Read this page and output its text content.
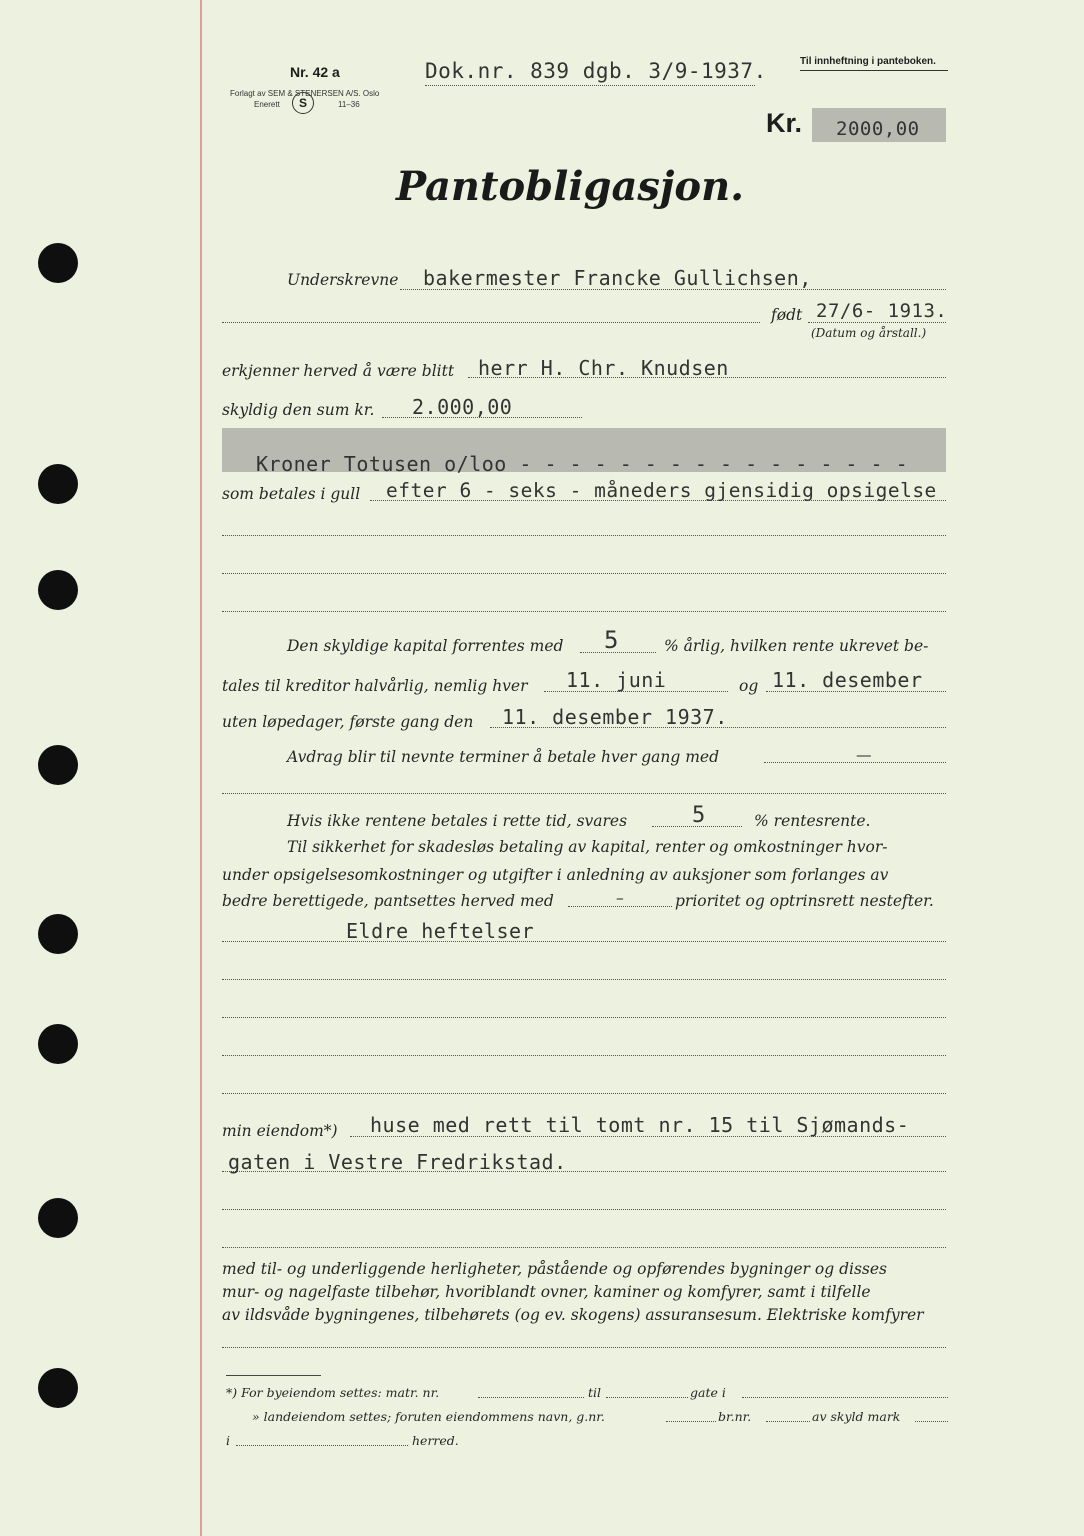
Nr. 42 a
Forlagt av SEM & STENERSEN A/S. Oslo
Enerett	S	11–36
Dok.nr. 839 dgb. 3/9-1937.	Til innheftning i panteboken.
Kr. 2000,00
Pantobligasjon.
Underskrevne bakermester Francke Gullichsen,
født 27/6- 1913.
(Datum og årstall.)
erkjenner herved å være blitt herr H. Chr. Knudsen
skyldig den sum kr. 2.000,00
Kroner Totusen o/loo - - - - - - - - - - - - - - - -
som betales i gull efter 6 - seks - måneders gjensidig opsigelse
Den skyldige kapital forrentes med 5	% årlig, hvilken rente ukrevet be-
tales til kreditor halvårlig, nemlig hver 11. juni	og 11. desember
uten løpedager, første gang den 11. desember 1937.
Avdrag blir til nevnte terminer å betale hver gang med	—
Hvis ikke rentene betales i rette tid, svares	5	% rentesrente.
Til sikkerhet for skadesløs betaling av kapital, renter og omkostninger hvor-
under opsigelsesomkostninger og utgifter i anledning av auksjoner som forlanges av
bedre berettigede, pantsettes herved med	–	prioritet og optrinsrett nestefter.
Eldre heftelser
min eiendom*) huse med rett til tomt nr. 15 til Sjømands-
gaten i Vestre Fredrikstad.
med til- og underliggende herligheter, påstående og opførendes bygninger og disses
mur- og nagelfaste tilbehør, hvoriblandt ovner, kaminer og komfyrer, samt i tilfelle
av ildsvåde bygningenes, tilbehørets (og ev. skogens) assuransesum. Elektriske komfyrer
*) For byeiendom settes: matr. nr.	til	gate i
» landeiendom settes; foruten eiendommens navn, g.nr.	br.nr.	av skyld mark
i	herred.
